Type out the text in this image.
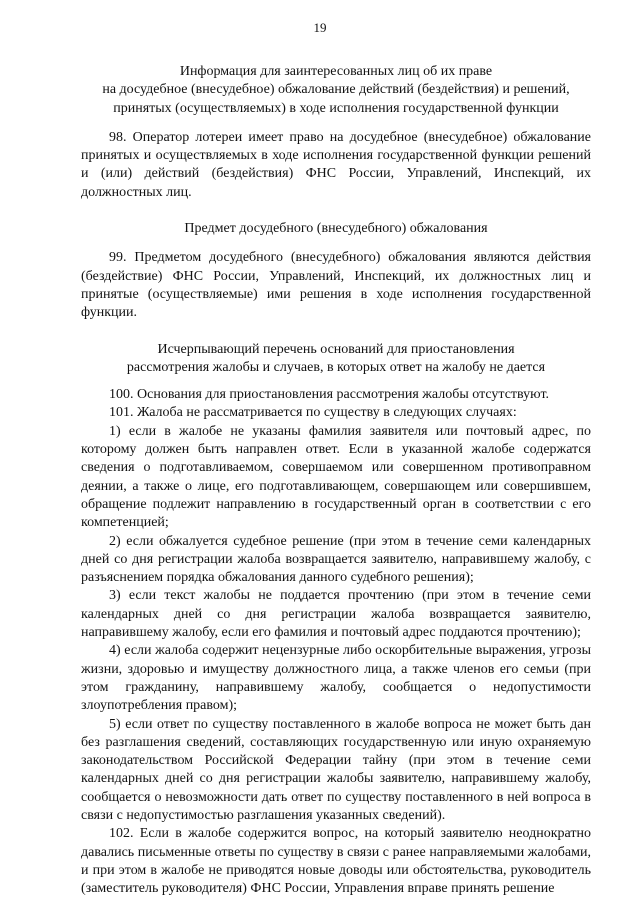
19
Информация для заинтересованных лиц об их праве
на досудебное (внесудебное) обжалование действий (бездействия) и решений,
принятых (осуществляемых) в ходе исполнения государственной функции

98. Оператор лотереи имеет право на досудебное (внесудебное) обжалование принятых и осуществляемых в ходе исполнения государственной функции решений и (или) действий (бездействия) ФНС России, Управлений, Инспекций, их должностных лиц.

Предмет досудебного (внесудебного) обжалования

99. Предметом досудебного (внесудебного) обжалования являются действия (бездействие) ФНС России, Управлений, Инспекций, их должностных лиц и принятые (осуществляемые) ими решения в ходе исполнения государственной функции.

Исчерпывающий перечень оснований для приостановления
рассмотрения жалобы и случаев, в которых ответ на жалобу не дается

100. Основания для приостановления рассмотрения жалобы отсутствуют.

101. Жалоба не рассматривается по существу в следующих случаях:

1) если в жалобе не указаны фамилия заявителя или почтовый адрес, по которому должен быть направлен ответ. Если в указанной жалобе содержатся сведения о подготавливаемом, совершаемом или совершенном противоправном деянии, а также о лице, его подготавливающем, совершающем или совершившем, обращение подлежит направлению в государственный орган в соответствии с его компетенцией;

2) если обжалуется судебное решение (при этом в течение семи календарных дней со дня регистрации жалоба возвращается заявителю, направившему жалобу, с разъяснением порядка обжалования данного судебного решения);

3) если текст жалобы не поддается прочтению (при этом в течение семи календарных дней со дня регистрации жалоба возвращается заявителю, направившему жалобу, если его фамилия и почтовый адрес поддаются прочтению);

4) если жалоба содержит нецензурные либо оскорбительные выражения, угрозы жизни, здоровью и имуществу должностного лица, а также членов его семьи (при этом гражданину, направившему жалобу, сообщается о недопустимости злоупотребления правом);

5) если ответ по существу поставленного в жалобе вопроса не может быть дан без разглашения сведений, составляющих государственную или иную охраняемую законодательством Российской Федерации тайну (при этом в течение семи календарных дней со дня регистрации жалобы заявителю, направившему жалобу, сообщается о невозможности дать ответ по существу поставленного в ней вопроса в связи с недопустимостью разглашения указанных сведений).

102. Если в жалобе содержится вопрос, на который заявителю неоднократно давались письменные ответы по существу в связи с ранее направляемыми жалобами, и при этом в жалобе не приводятся новые доводы или обстоятельства, руководитель (заместитель руководителя) ФНС России, Управления вправе принять решение
